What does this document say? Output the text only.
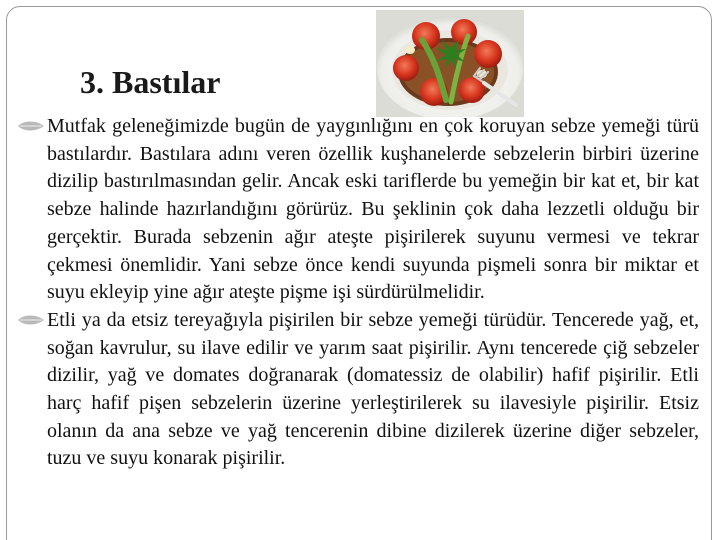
3. Bastılar

Mutfak geleneğimizde bugün de yaygınlığını en çok koruyan sebze yemeği türü bastılardır. Bastılara adını veren özellik kuşhanelerde sebzelerin birbiri üzerine dizilip bastırılmasından gelir. Ancak eski tariflerde bu yemeğin bir kat et, bir kat sebze halinde hazırlandığını görürüz. Bu şeklinin çok daha lezzetli olduğu bir gerçektir. Burada sebzenin ağır ateşte pişirilerek suyunu vermesi ve tekrar çekmesi önemlidir. Yani sebze önce kendi suyunda pişmeli sonra bir miktar et suyu ekleyip yine ağır ateşte pişme işi sürdürülmelidir.

Etli ya da etsiz tereyağıyla pişirilen bir sebze yemeği türüdür. Tencerede yağ, et, soğan kavrulur, su ilave edilir ve yarım saat pişirilir. Aynı tencerede çiğ sebzeler dizilir, yağ ve domates doğranarak (domatessiz de olabilir) hafif pişirilir. Etli harç hafif pişen sebzelerin üzerine yerleştirilerek su ilavesiyle pişirilir. Etsiz olanın da ana sebze ve yağ tencerenin dibine dizilerek üzerine diğer sebzeler, tuzu ve suyu konarak pişirilir.
